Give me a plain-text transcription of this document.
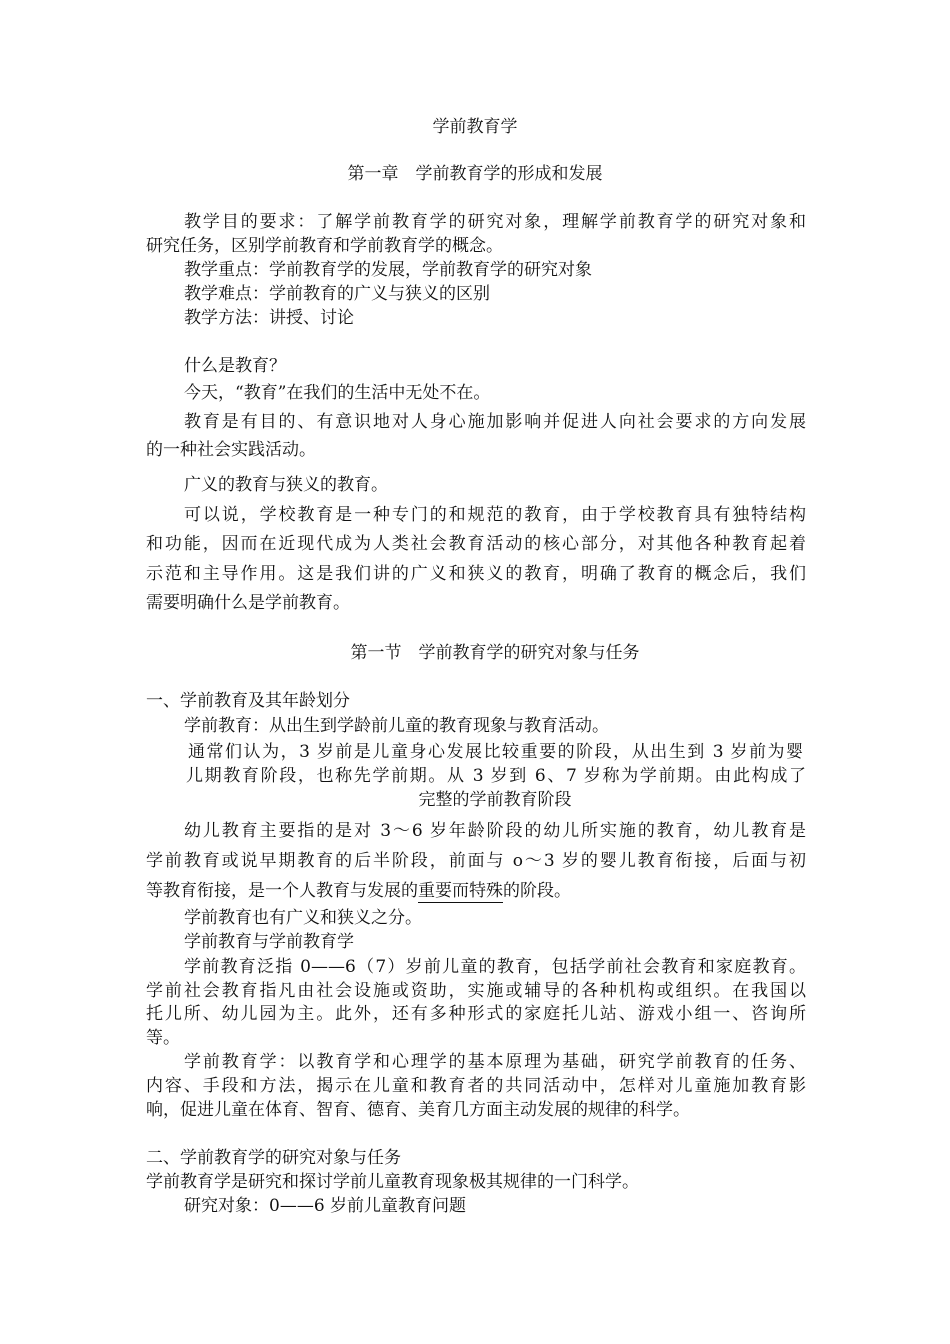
学前教育学
第一章　学前教育学的形成和发展
教学目的要求：了解学前教育学的研究对象，理解学前教育学的研究对象和
研究任务，区别学前教育和学前教育学的概念。
教学重点：学前教育学的发展，学前教育学的研究对象
教学难点：学前教育的广义与狭义的区别
教学方法：讲授、讨论
什么是教育？
今天，“教育”在我们的生活中无处不在。
教育是有目的、有意识地对人身心施加影响并促进人向社会要求的方向发展
的一种社会实践活动。
广义的教育与狭义的教育。
可以说，学校教育是一种专门的和规范的教育，由于学校教育具有独特结构
和功能，因而在近现代成为人类社会教育活动的核心部分，对其他各种教育起着
示范和主导作用。这是我们讲的广义和狭义的教育，明确了教育的概念后，我们
需要明确什么是学前教育。
第一节　学前教育学的研究对象与任务
一、学前教育及其年龄划分
学前教育：从出生到学龄前儿童的教育现象与教育活动。
通常们认为，3 岁前是儿童身心发展比较重要的阶段，从出生到 3 岁前为婴
儿期教育阶段，也称先学前期。从 3 岁到 6、7 岁称为学前期。由此构成了
完整的学前教育阶段
幼儿教育主要指的是对 3～6 岁年龄阶段的幼儿所实施的教育，幼儿教育是
学前教育或说早期教育的后半阶段，前面与 o～3 岁的婴儿教育衔接，后面与初
等教育衔接，是一个人教育与发展的重要而特殊的阶段。
学前教育也有广义和狭义之分。
学前教育与学前教育学
学前教育泛指 0——6（7）岁前儿童的教育，包括学前社会教育和家庭教育。
学前社会教育指凡由社会设施或资助，实施或辅导的各种机构或组织。在我国以
托儿所、幼儿园为主。此外，还有多种形式的家庭托儿站、游戏小组一、咨询所
等。
学前教育学：以教育学和心理学的基本原理为基础，研究学前教育的任务、
内容、手段和方法，揭示在儿童和教育者的共同活动中，怎样对儿童施加教育影
响，促进儿童在体育、智育、德育、美育几方面主动发展的规律的科学。
二、学前教育学的研究对象与任务
学前教育学是研究和探讨学前儿童教育现象极其规律的一门科学。
研究对象：0——6 岁前儿童教育问题
